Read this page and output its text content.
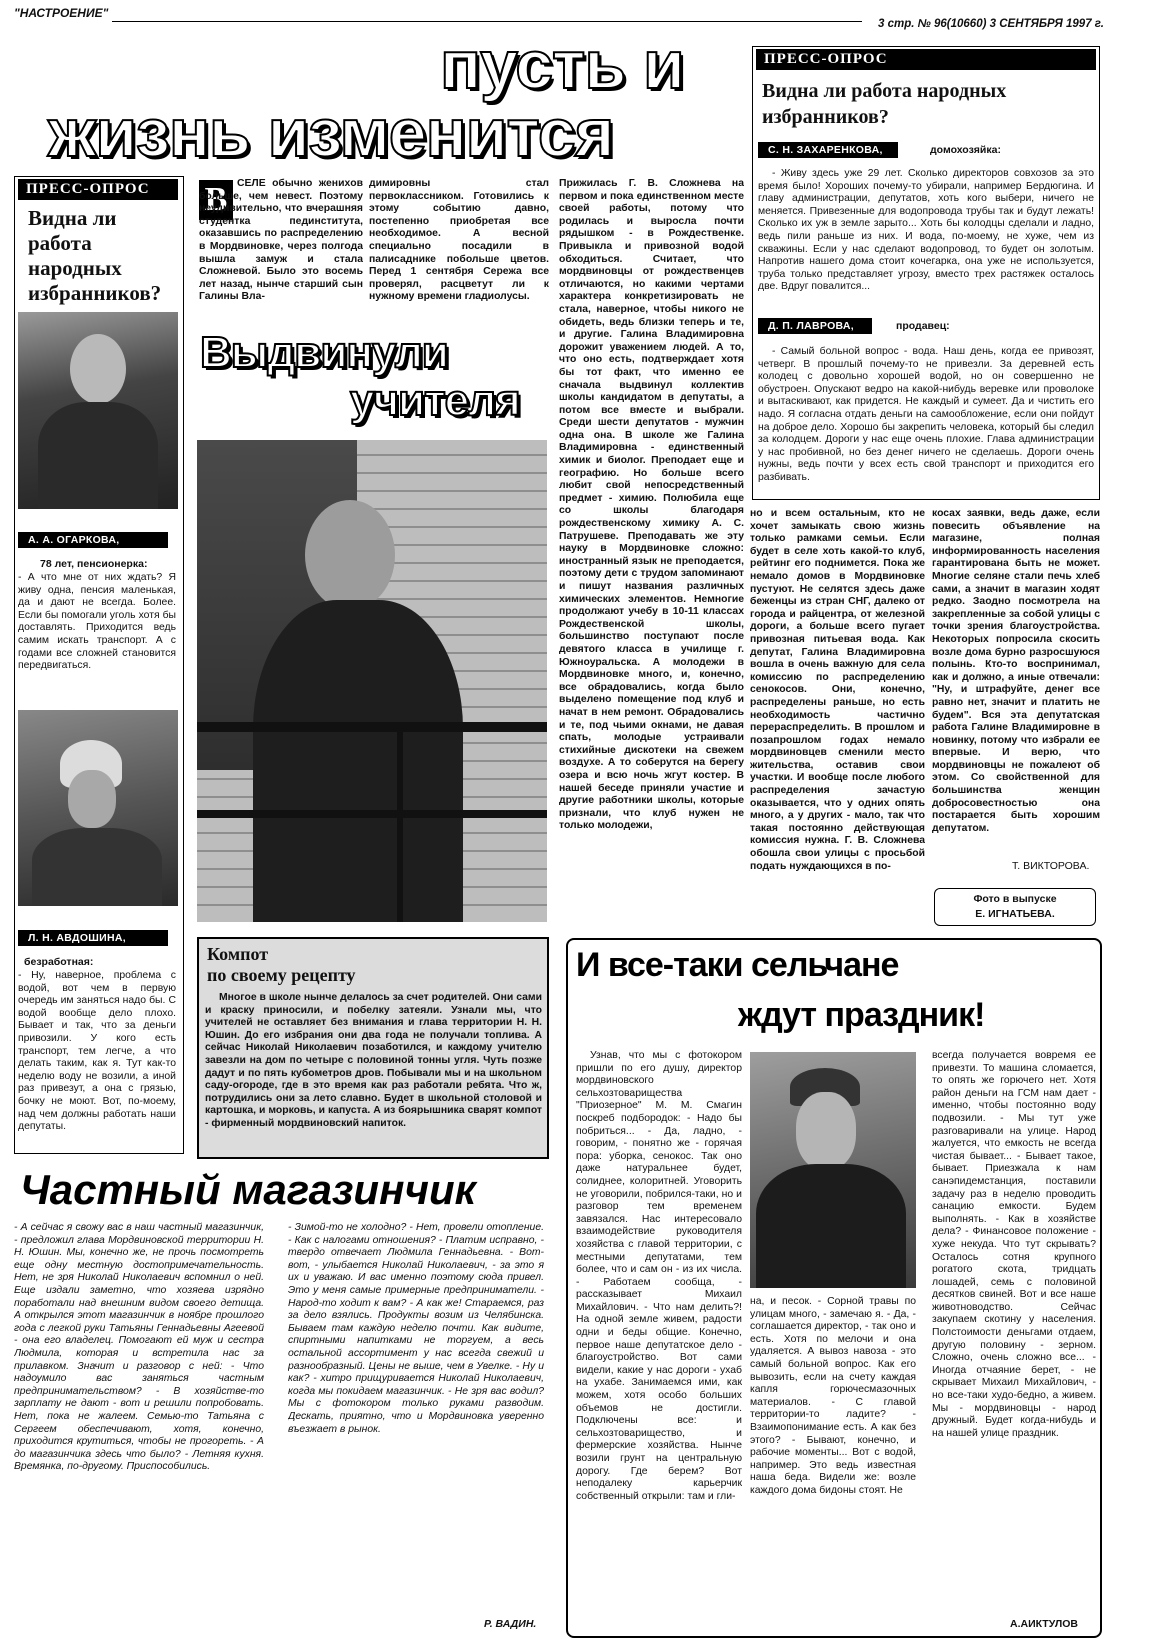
"НАСТРОЕНИЕ"
3 стр. № 96(10660) 3 СЕНТЯБРЯ 1997 г.
пусть и
жизнь изменится
ПРЕСС-ОПРОС
Видна ли работа народных избранников?
А. А. ОГАРКОВА,
78 лет, пенсионерка:
- А что мне от них ждать? Я живу одна, пенсия маленькая, да и дают не всегда. Более. Если бы помогали уголь хотя бы доставлять. Приходится ведь самим искать транспорт. А с годами все сложней становится передвигаться.
Л. Н. АВДОШИНА,
безработная:
- Ну, наверное, проблема с водой, вот чем в первую очередь им заняться надо бы. С водой вообще дело плохо. Бывает и так, что за деньги привозили. У кого есть транспорт, тем легче, а что делать таким, как я. Тут как-то неделю воду не возили, а иной раз привезут, а она с грязью, бочку не моют. Вот, по-моему, над чем должны работать наши депутаты.
В СЕЛЕ обычно жениxов больше, чем невест. Поэтому неудивительно, что вчерашняя студентка пединститута, оказавшись по распределению в Мордвиновке, через полгода вышла замуж и стала Сложневой. Было это восемь лет назад, нынче старший сын Галины Вла-
димировны стал первоклассником. Готовились к этому событию давно, постепенно приобретая все необходимое. А весной специально посадили в палисаднике побольше цветов. Перед 1 сентября Сережа все проверял, расцветут ли к нужному времени гладиолусы.
Выдвинули
учителя
Прижилась Г. В. Сложнева на первом и пока единственном месте своей работы, потому что родилась и выросла почти рядышком - в Рождественке. Привыкла и привозной водой обходиться. Считает, что мордвиновцы от рождественцев отличаются, но какими чертами характера конкретизировать не стала, наверное, чтобы никого не обидеть, ведь близки теперь и те, и другие. Галина Владимировна дорожит уважением людей. А то, что оно есть, подтверждает хотя бы тот факт, что именно ее сначала выдвинул коллектив школы кандидатом в депутаты, а потом все вместе и выбрали. Среди шести депутатов - мужчин одна она. В школе же Галина Владимировна - единственный химик и биолог. Преподает еще и географию. Но больше всего любит свой непосредственный предмет - химию. Полюбила еще со школы благодаря рождественскому химику А. С. Патрушеве. Преподавать же эту науку в Мордвиновке сложно: иностранный язык не преподается, поэтому дети с трудом запоминают и пишут названия различных химических элементов. Немногие продолжают учебу в 10-11 классах Рождественской школы, большинство поступают после девятого класса в училище г. Южноуральска. А молодежи в Мордвиновке много, и, конечно, все обрадовались, когда было выделено помещение под клуб и начат в нем ремонт. Обрадовались и те, под чьими окнами, не давая спать, молодые устраивали стихийные дискотеки на свежем воздухе. А то соберутся на берегу озера и всю ночь жгут костер. В нашей беседе приняли участие и другие работники школы, которые признали, что клуб нужен не только молодежи,
но и всем остальным, кто не хочет замыкать свою жизнь только рамками семьи. Если будет в селе хоть какой-то клуб, рейтинг его поднимется. Пока же немало домов в Мордвиновке пустуют. Не селятся здесь даже беженцы из стран СНГ, далеко от города и райцентра, от железной дороги, а больше всего пугает привозная питьевая вода. Как депутат, Галина Владимировна вошла в очень важную для села комиссию по распределению сенокосов. Они, конечно, распределены раньше, но есть необходимость частично перераспределить. В прошлом и позапрошлом годах немало мордвиновцев сменили место жительства, оставив свои участки. И вообще после любого распределения зачастую оказывается, что у одних опять много, а у других - мало, так что такая постоянно действующая комиссия нужна. Г. В. Сложнева обошла свои улицы с просьбой подать нуждающихся в по-
косах заявки, ведь даже, если повесить объявление на магазине, полная информированность населения гарантирована быть не может. Многие селяне стали печь хлеб сами, а значит в магазин ходят редко. Заодно посмотрела на закрепленные за собой улицы с точки зрения благоустройства. Некоторых попросила скосить возле дома бурно разросшуюся полынь. Кто-то воспринимал, как и должно, а иные отвечали: "Ну, и штрафуйте, денег все равно нет, значит и платить не будем". Вся эта депутатская работа Галине Владимировне в новинку, потому что избрали ее впервые. И верю, что мордвиновцы не пожалеют об этом. Со свойственной для большинства женщин добросовестностью она постарается быть хорошим депутатом.
Т. ВИКТОРОВА.
Фото в выпуске
Е. ИГНАТЬЕВА.
ПРЕСС-ОПРОС
Видна ли работа народных избранников?
С. Н. ЗАХАРЕНКОВА,	домохозяйка:
- Живу здесь уже 29 лет. Сколько директоров совхозов за это время было! Хороших почему-то убирали, например Бердюгина. И главу администрации, депутатов, хоть кого выбери, ничего не меняется. Привезенные для водопровода трубы так и будут лежать! Сколько их уж в земле зарыто... Хоть бы колодцы сделали и ладно, ведь пили раньше из них. И вода, по-моему, не хуже, чем из скважины. Если у нас сделают водопровод, то будет он золотым. Напротив нашего дома стоит кочегарка, она уже не используется, труба только представляет угрозу, вместо трех растяжек осталось две. Вдруг повалится...
Д. П. ЛАВРОВА,	продавец:
- Самый больной вопрос - вода. Наш день, когда ее привозят, четверг. В прошлый почему-то не привезли. За деревней есть колодец с довольно хорошей водой, но он совершенно не обустроен. Опускают ведро на какой-нибудь веревке или проволоке и вытаскивают, как придется. Не каждый и сумеет. Да и чистить его надо. Я согласна отдать деньги на самообложение, если они пойдут на доброе дело. Хорошо бы закрепить человека, который бы следил за колодцем. Дороги у нас еще очень плохие. Глава администрации у нас пробивной, но без денег ничего не сделаешь. Дороги очень нужны, ведь почти у всех есть свой транспорт и приходится его разбивать.
Компот
по своему рецепту
Многое в школе нынче делалось за счет родителей. Они сами и краску приносили, и побелку затеяли. Узнали мы, что учителей не оставляет без внимания и глава территории Н. Н. Юшин. До его избрания они два года не получали топлива. А сейчас Николай Николаевич позаботился, и каждому учителю завезли на дом по четыре с половиной тонны угля. Чуть позже дадут и по пять кубометров дров. Побывали мы и на школьном саду-огороде, где в это время как раз работали ребята. Что ж, потрудились они за лето славно. Будет в школьной столовой и картошка, и морковь, и капуста. А из боярышника сварят компот - фирменный мордвиновский напиток.
Частный магазинчик
- А сейчас я свожу вас в наш частный магазинчик, - предложил глава Мордвиновской территории Н. Н. Юшин. Мы, конечно же, не прочь посмотреть еще одну местную достопримечательность. Нет, не зря Николай Николаевич вспомнил о ней. Еще издали заметно, что хозяева изрядно поработали над внешним видом своего детища. А открылся этот магазинчик в ноябре прошлого года с легкой руки Татьяны Геннадьевны Агеевой - она его владелец. Помогают ей муж и сестра Людмила, которая и встретила нас за прилавком. Значит и разговор с ней: - Что надоумило вас заняться частным предпринимательством? - В хозяйстве-то зарплату не дают - вот и решили попробовать. Нет, пока не жалеем. Семью-то Татьяна с Сергеем обеспечивают, хотя, конечно, приходится крутиться, чтобы не прогореть. - А до магазинчика здесь что было? - Летняя кухня. Времянка, по-другому. Приспособились.
- Зимой-то не холодно? - Нет, провели отопление. - Как с налогами отношения? - Платим исправно, - твердо отвечает Людмила Геннадьевна. - Вот-вот, - улыбается Николай Николаевич, - за это я их и уважаю. И вас именно поэтому сюда привел. Это у меня самые примерные предприниматели. - Народ-то ходит к вам? - А как же! Стараемся, раз за дело взялись. Продукты возим из Челябинска. Бываем там каждую неделю почти. Как видите, спиртными напитками не торгуем, а весь остальной ассортимент у нас всегда свежий и разнообразный. Цены не выше, чем в Увелке. - Ну и как? - хитро прищуривается Николай Николаевич, когда мы покидаем магазинчик. - Не зря вас водил? Мы с фотокором только руками разводим. Дескать, приятно, что и Мордвиновка уверенно въезжает в рынок.
Р. ВАДИН.
И все-таки сельчане
ждут праздник!
Узнав, что мы с фотокором пришли по его душу, директор мордвиновского сельхозтоварищества "Приозерное" М. М. Смагин поскреб подбородок: - Надо бы побриться... - Да, ладно, - говорим, - понятно же - горячая пора: уборка, сенокос. Так оно даже натуральнее будет, солиднее, колоритней. Уговорить не уговорили, побрился-таки, но и разговор тем временем завязался. Нас интересовало взаимодействие руководителя хозяйства с главой территории, с местными депутатами, тем более, что и сам он - из их числа. - Работаем сообща, - рассказывает Михаил Михайлович. - Что нам делить?! На одной земле живем, радости одни и беды общие. Конечно, первое наше депутатское дело - благоустройство. Вот сами видели, какие у нас дороги - ухаб на ухабе. Занимаемся ими, как можем, хотя особо больших объемов не достигли. Подключены все: и сельхозтоварищество, и фермерские хозяйства. Нынче возили грунт на центральную дорогу. Где берем? Вот неподалеку карьерчик собственный открыли: там и гли-
на, и песок. - Сорной травы по улицам много, - замечаю я. - Да, - соглашается директор, - так оно и есть. Хотя по мелочи и она удаляется. А вывоз навоза - это самый больной вопрос. Как его вывозить, если на счету каждая капля горючесмазочных материалов. - С главой территории-то ладите? - Взаимопонимание есть. А как без этого? - Бывают, конечно, и рабочие моменты... Вот с водой, например. Это ведь известная наша беда. Видели же: возле каждого дома бидоны стоят. Не
всегда получается вовремя ее привезти. То машина сломается, то опять же горючего нет. Хотя район деньги на ГСМ нам дает - именно, чтобы постоянно воду подвозили. - Мы тут уже разговаривали на улице. Народ жалуется, что емкость не всегда чистая бывает... - Бывает такое, бывает. Приезжала к нам санэпидемстанция, поставили задачу раз в неделю проводить санацию емкости. Будем выполнять. - Как в хозяйстве дела? - Финансовое положение - хуже некуда. Что тут скрывать? Осталось сотня крупного рогатого скота, тридцать лошадей, семь с половиной десятков свиней. Вот и все наше животноводство. Сейчас закупаем скотину у населения. Полстоимости деньгами отдаем, другую половину - зерном. Сложно, очень сложно все... - Иногда отчаяние берет, - не скрывает Михаил Михайлович, - но все-таки худо-бедно, а живем. Мы - мордвиновцы - народ дружный. Будет когда-нибудь и на нашей улице праздник.
А.АИКТУЛОВ
